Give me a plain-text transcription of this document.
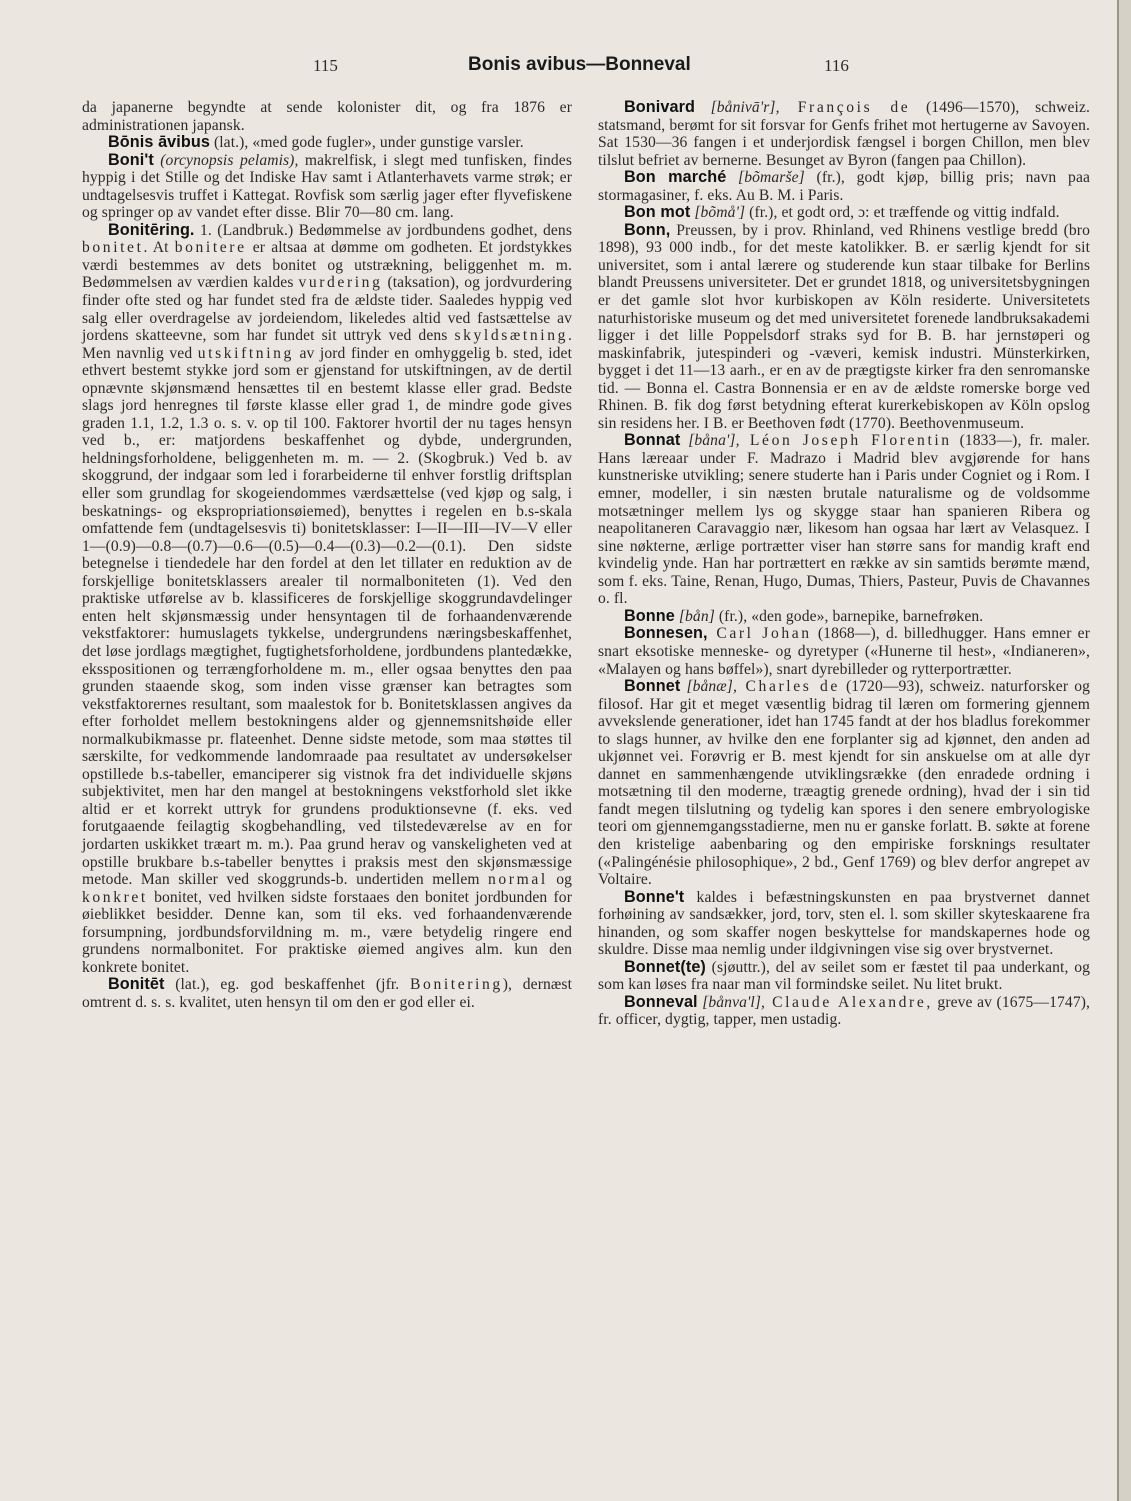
115	Bonis avibus—Bonneval	116

da japanerne begyndte at sende kolonister dit, og fra 1876 er administrationen japansk.

Bōnis āvibus (lat.), «med gode fugler», under gunstige varsler.

Boni't (orcynopsis pelamis), makrelfisk, i slegt med tunfisken, findes hyppig i det Stille og det Indiske Hav samt i Atlanterhavets varme strøk; er undtagelsesvis truffet i Kattegat. Rovfisk som særlig jager efter flyvefiskene og springer op av vandet efter disse. Blir 70—80 cm. lang.

Bonitēring. 1. (Landbruk.) Bedømmelse av jordbundens godhet, dens bonitet. At bonitere er altsaa at dømme om godheten. Et jordstykkes værdi bestemmes av dets bonitet og utstrækning, beliggenhet m. m. Bedømmelsen av værdien kaldes vurdering (taksation), og jordvurdering finder ofte sted og har fundet sted fra de ældste tider. Saaledes hyppig ved salg eller overdragelse av jordeiendom, likeledes altid ved fastsættelse av jordens skatteevne, som har fundet sit uttryk ved dens skyldsætning. Men navnlig ved utskiftning av jord finder en omhyggelig b. sted, idet ethvert bestemt stykke jord som er gjenstand for utskiftningen, av de dertil opnævnte skjønsmænd hensættes til en bestemt klasse eller grad. Bedste slags jord henregnes til første klasse eller grad 1, de mindre gode gives graden 1.1, 1.2, 1.3 o. s. v. op til 100. Faktorer hvortil der nu tages hensyn ved b., er: matjordens beskaffenhet og dybde, undergrunden, heldningsforholdene, beliggenheten m. m. — 2. (Skogbruk.) Ved b. av skoggrund, der indgaar som led i forarbeiderne til enhver forstlig driftsplan eller som grundlag for skogeiendommes værdsættelse (ved kjøp og salg, i beskatnings- og ekspropriationsøiemed), benyttes i regelen en b.s-skala omfattende fem (undtagelsesvis ti) bonitetsklasser: I—II—III—IV—V eller 1—(0.9)—0.8—(0.7)—0.6—(0.5)—0.4—(0.3)—0.2—(0.1). Den sidste betegnelse i tiendedele har den fordel at den let tillater en reduktion av de forskjellige bonitetsklassers arealer til normalboniteten (1). Ved den praktiske utførelse av b. klassificeres de forskjellige skoggrundavdelinger enten helt skjønsmæssig under hensyntagen til de forhaandenværende vekstfaktorer: humuslagets tykkelse, undergrundens næringsbeskaffenhet, det løse jordlags mægtighet, fugtighetsforholdene, jordbundens plantedække, eksspositionen og terrængforholdene m. m., eller ogsaa benyttes den paa grunden staaende skog, som inden visse grænser kan betragtes som vekstfaktorernes resultant, som maalestok for b. Bonitetsklassen angives da efter forholdet mellem bestokningens alder og gjennemsnitshøide eller normalkubikmasse pr. flateenhet. Denne sidste metode, som maa støttes til særskilte, for vedkommende landomraade paa resultatet av undersøkelser opstillede b.s-tabeller, emanciperer sig vistnok fra det individuelle skjøns subjektivitet, men har den mangel at bestokningens vekstforhold slet ikke altid er et korrekt uttryk for grundens produktionsevne (f. eks. ved forutgaaende feilagtig skogbehandling, ved tilstedeværelse av en for jordarten uskikket træart m. m.). Paa grund herav og vanskeligheten ved at opstille brukbare b.s-tabeller benyttes i praksis mest den skjønsmæssige metode. Man skiller ved skoggrunds-b. undertiden mellem normal og konkret bonitet, ved hvilken sidste forstaaes den bonitet jordbunden for øieblikket besidder. Denne kan, som til eks. ved forhaandenværende forsumpning, jordbundsforvildning m. m., være betydelig ringere end grundens normalbonitet. For praktiske øiemed angives alm. kun den konkrete bonitet.

Bonitēt (lat.), eg. god beskaffenhet (jfr. Bonitering), dernæst omtrent d. s. s. kvalitet, uten hensyn til om den er god eller ei.

Bonivard [bånivā'r], François de (1496—1570), schweiz. statsmand, berømt for sit forsvar for Genfs frihet mot hertugerne av Savoyen. Sat 1530—36 fangen i et underjordisk fængsel i borgen Chillon, men blev tilslut befriet av bernerne. Besunget av Byron (fangen paa Chillon).

Bon marché [bõmarše] (fr.), godt kjøp, billig pris; navn paa stormagasiner, f. eks. Au B. M. i Paris.

Bon mot [bõmå'] (fr.), et godt ord, ɔ: et træffende og vittig indfald.

Bonn, Preussen, by i prov. Rhinland, ved Rhinens vestlige bredd (bro 1898), 93 000 indb., for det meste katolikker. B. er særlig kjendt for sit universitet, som i antal lærere og studerende kun staar tilbake for Berlins blandt Preussens universiteter. Det er grundet 1818, og universitetsbygningen er det gamle slot hvor kurbiskopen av Köln residerte. Universitetets naturhistoriske museum og det med universitetet forenede landbruksakademi ligger i det lille Poppelsdorf straks syd for B. B. har jernstøperi og maskinfabrik, jutespinderi og -væveri, kemisk industri. Münsterkirken, bygget i det 11—13 aarh., er en av de prægtigste kirker fra den senromanske tid. — Bonna el. Castra Bonnensia er en av de ældste romerske borge ved Rhinen. B. fik dog først betydning efterat kurerkebiskopen av Köln opslog sin residens her. I B. er Beethoven født (1770). Beethovenmuseum.

Bonnat [båna'], Léon Joseph Florentin (1833—), fr. maler. Hans læreaar under F. Madrazo i Madrid blev avgjørende for hans kunstneriske utvikling; senere studerte han i Paris under Cogniet og i Rom. I emner, modeller, i sin næsten brutale naturalisme og de voldsomme motsætninger mellem lys og skygge staar han spanieren Ribera og neapolitaneren Caravaggio nær, likesom han ogsaa har lært av Velasquez. I sine nøkterne, ærlige portrætter viser han større sans for mandig kraft end kvindelig ynde. Han har portrættert en række av sin samtids berømte mænd, som f. eks. Taine, Renan, Hugo, Dumas, Thiers, Pasteur, Puvis de Chavannes o. fl.

Bonne [bån] (fr.), «den gode», barnepike, barnefrøken.

Bonnesen, Carl Johan (1868—), d. billedhugger. Hans emner er snart eksotiske menneske- og dyretyper («Hunerne til hest», «Indianeren», «Malayen og hans bøffel»), snart dyrebilleder og rytterportrætter.

Bonnet [bånæ], Charles de (1720—93), schweiz. naturforsker og filosof. Har git et meget væsentlig bidrag til læren om formering gjennem avvekslende generationer, idet han 1745 fandt at der hos bladlus forekommer to slags hunner, av hvilke den ene forplanter sig ad kjønnet, den anden ad ukjønnet vei. Forøvrig er B. mest kjendt for sin anskuelse om at alle dyr dannet en sammenhængende utviklingsrække (den enradede ordning i motsætning til den moderne, træagtig grenede ordning), hvad der i sin tid fandt megen tilslutning og tydelig kan spores i den senere embryologiske teori om gjennemgangsstadierne, men nu er ganske forlatt. B. søkte at forene den kristelige aabenbaring og den empiriske forsknings resultater («Palingénésie philosophique», 2 bd., Genf 1769) og blev derfor angrepet av Voltaire.

Bonne't kaldes i befæstningskunsten en paa brystvernet dannet forhøining av sandsækker, jord, torv, sten el. l. som skiller skyteskaarene fra hinanden, og som skaffer nogen beskyttelse for mandskapernes hode og skuldre. Disse maa nemlig under ildgivningen vise sig over brystvernet.

Bonnet(te) (sjøuttr.), del av seilet som er fæstet til paa underkant, og som kan løses fra naar man vil formindske seilet. Nu litet brukt.

Bonneval [bånva'l], Claude Alexandre, greve av (1675—1747), fr. officer, dygtig, tapper, men ustadig.
